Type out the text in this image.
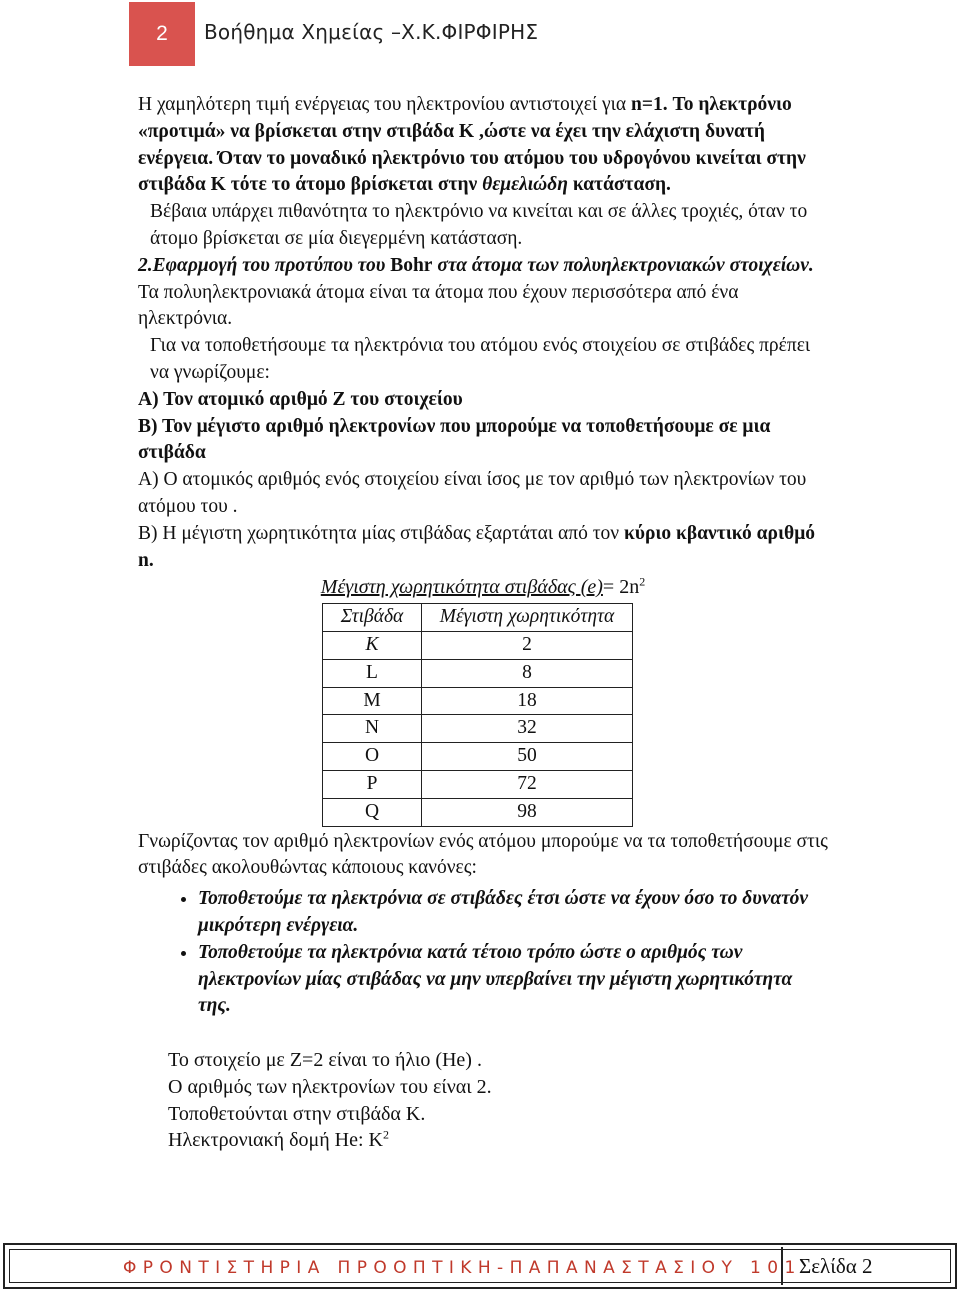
2 Βοήθημα Χημείας –Χ.Κ.ΦΙΡΦΙΡΗΣ

Η χαμηλότερη τιμή ενέργειας του ηλεκτρονίου αντιστοιχεί για n=1. Το ηλεκτρόνιο «προτιμά» να βρίσκεται στην στιβάδα Κ ,ώστε να έχει την ελάχιστη δυνατή ενέργεια. Όταν το μοναδικό ηλεκτρόνιο του ατόμου του υδρογόνου κινείται στην στιβάδα Κ τότε το άτομο βρίσκεται στην θεμελιώδη κατάσταση.

Βέβαια υπάρχει πιθανότητα το ηλεκτρόνιο να κινείται και σε άλλες τροχιές, όταν το άτομο βρίσκεται σε μία διεγερμένη κατάσταση.

2.Εφαρμογή του προτύπου του Bohr στα άτομα των πολυηλεκτρονιακών στοιχείων.

Τα πολυηλεκτρονιακά άτομα είναι τα άτομα που έχουν περισσότερα από ένα ηλεκτρόνια.

Για να τοποθετήσουμε τα ηλεκτρόνια του ατόμου ενός στοιχείου σε στιβάδες πρέπει να γνωρίζουμε:

Α) Τον ατομικό αριθμό Ζ του στοιχείου

Β) Τον μέγιστο αριθμό ηλεκτρονίων που μπορούμε να τοποθετήσουμε σε μια στιβάδα

Α) Ο ατομικός αριθμός ενός στοιχείου είναι ίσος με τον αριθμό των ηλεκτρονίων του ατόμου του .

Β) Η μέγιστη χωρητικότητα μίας στιβάδας εξαρτάται από τον κύριο κβαντικό αριθμό n.

Μέγιστη χωρητικότητα στιβάδας $(e)= 2n^2$

Στιβάδα	Μέγιστη χωρητικότητα
K	2
L	8
M	18
N	32
O	50
P	72
Q	98

Γνωρίζοντας τον αριθμό ηλεκτρονίων ενός ατόμου μπορούμε να τα τοποθετήσουμε στις στιβάδες ακολουθώντας κάποιους κανόνες:

• Τοποθετούμε τα ηλεκτρόνια σε στιβάδες έτσι ώστε να έχουν όσο το δυνατόν μικρότερη ενέργεια.
• Τοποθετούμε τα ηλεκτρόνια κατά τέτοιο τρόπο ώστε ο αριθμός των ηλεκτρονίων μίας στιβάδας να μην υπερβαίνει την μέγιστη χωρητικότητα της.

Το στοιχείο με Ζ=2 είναι το ήλιο (He) .

Ο αριθμός των ηλεκτρονίων του είναι 2.

Τοποθετούνται στην στιβάδα Κ.

Ηλεκτρονιακή δομή He: $K^2$

ΦΡΟΝΤΙΣΤΗΡΙΑ ΠΡΟΟΠΤΙΚΗ-ΠΑΠΑΝΑΣΤΑΣΙΟΥ 101
Σελίδα 2
